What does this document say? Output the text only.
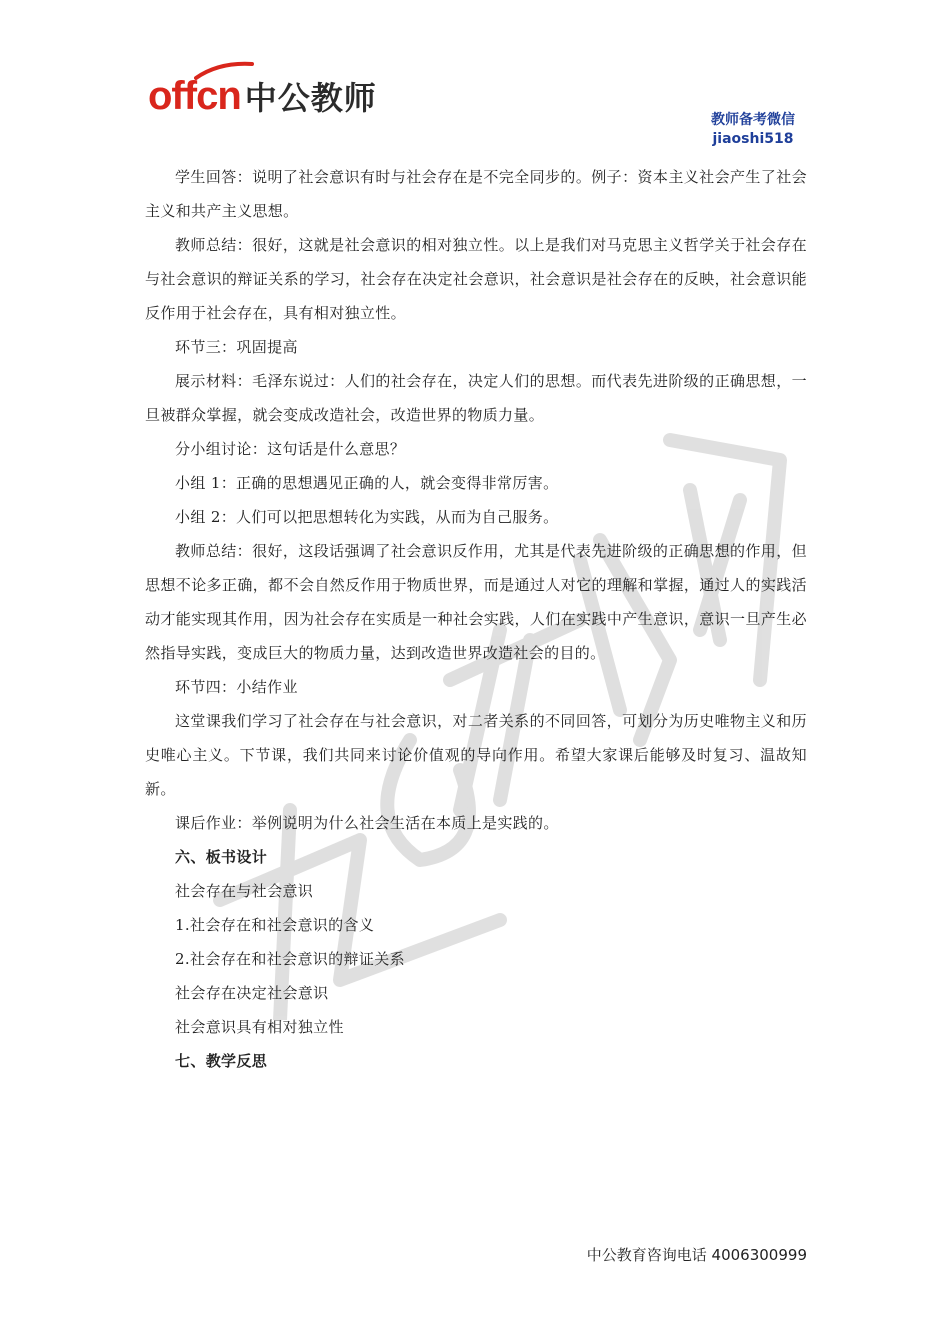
offcn 中公教师
教师备考微信
jiaoshi518

学生回答：说明了社会意识有时与社会存在是不完全同步的。例子：资本主义社会产生了社会主义和共产主义思想。

教师总结：很好，这就是社会意识的相对独立性。以上是我们对马克思主义哲学关于社会存在与社会意识的辩证关系的学习，社会存在决定社会意识，社会意识是社会存在的反映，社会意识能反作用于社会存在，具有相对独立性。

环节三：巩固提高

展示材料：毛泽东说过：人们的社会存在，决定人们的思想。而代表先进阶级的正确思想，一旦被群众掌握，就会变成改造社会，改造世界的物质力量。

分小组讨论：这句话是什么意思？

小组 1：正确的思想遇见正确的人，就会变得非常厉害。

小组 2：人们可以把思想转化为实践，从而为自己服务。

教师总结：很好，这段话强调了社会意识反作用，尤其是代表先进阶级的正确思想的作用，但思想不论多正确，都不会自然反作用于物质世界，而是通过人对它的理解和掌握，通过人的实践活动才能实现其作用，因为社会存在实质是一种社会实践，人们在实践中产生意识，意识一旦产生必然指导实践，变成巨大的物质力量，达到改造世界改造社会的目的。

环节四：小结作业

这堂课我们学习了社会存在与社会意识，对二者关系的不同回答，可划分为历史唯物主义和历史唯心主义。下节课，我们共同来讨论价值观的导向作用。希望大家课后能够及时复习、温故知新。

课后作业：举例说明为什么社会生活在本质上是实践的。

六、板书设计

社会存在与社会意识

1.社会存在和社会意识的含义

2.社会存在和社会意识的辩证关系

社会存在决定社会意识

社会意识具有相对独立性

七、教学反思

中公教育咨询电话 4006300999
